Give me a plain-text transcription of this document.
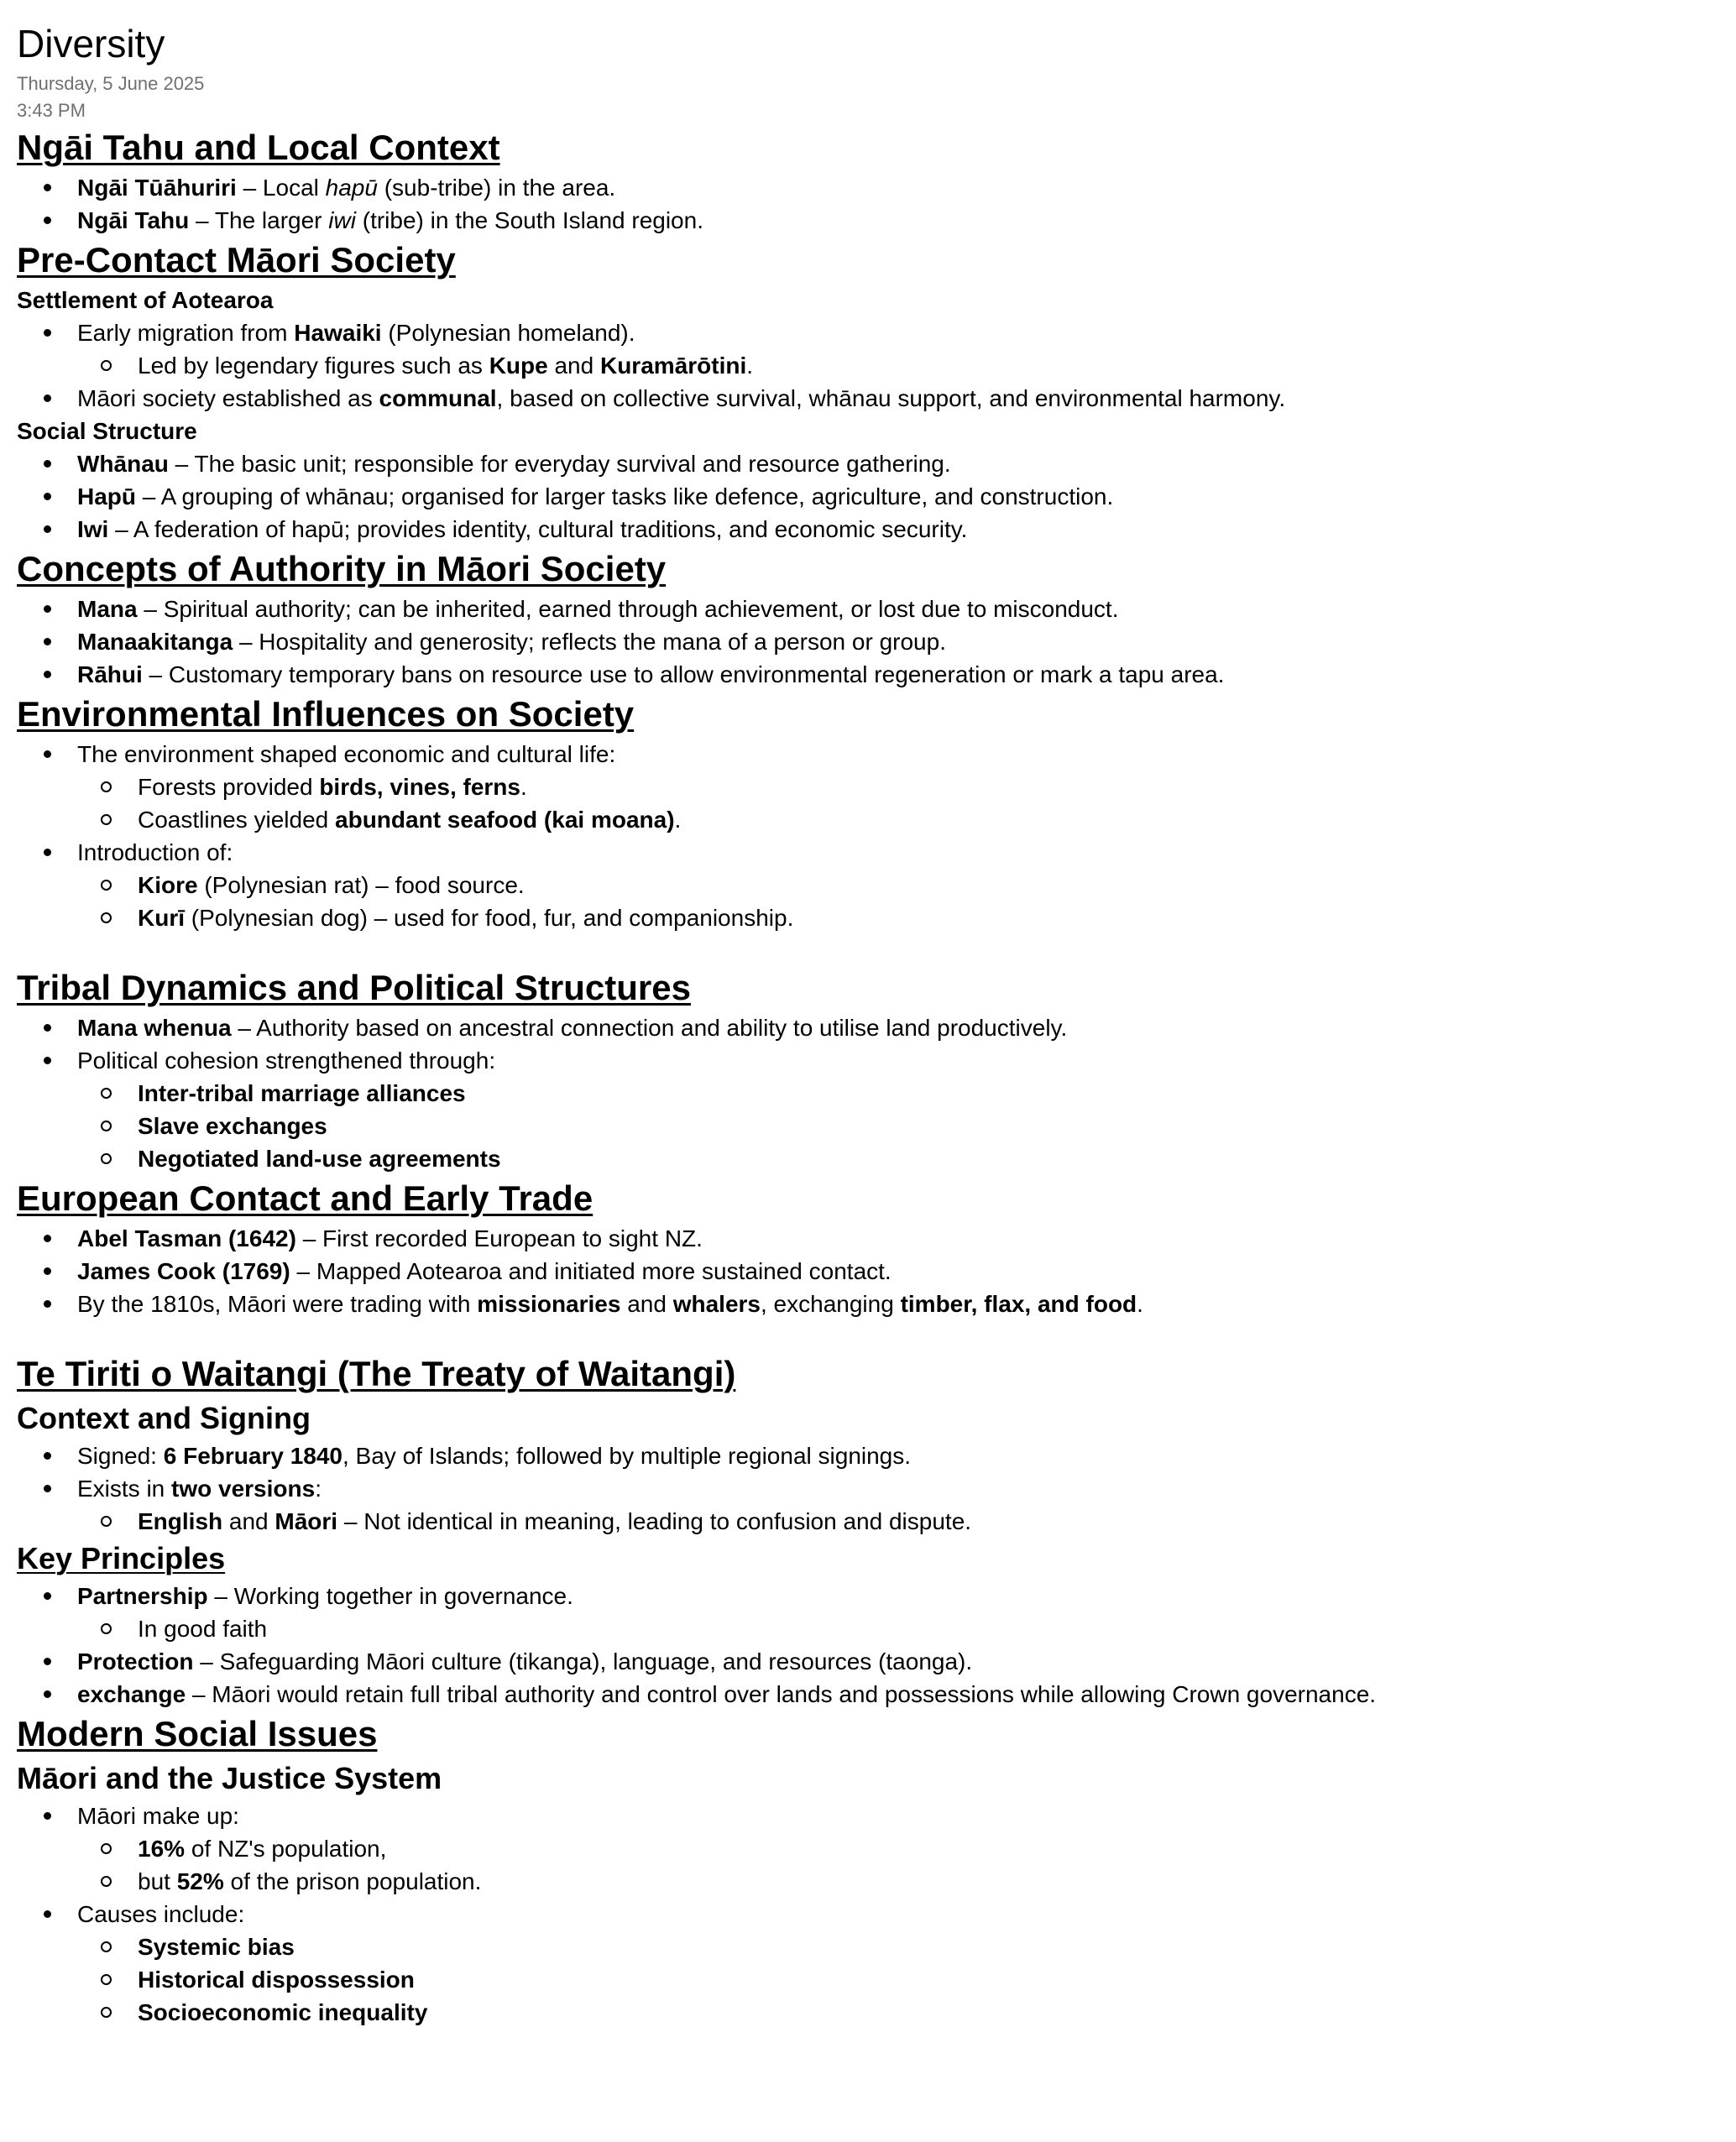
Diversity
Thursday, 5 June 2025
3:43 PM
Ngāi Tahu and Local Context
Ngāi Tūāhuriri – Local hapū (sub-tribe) in the area.
Ngāi Tahu – The larger iwi (tribe) in the South Island region.
Pre-Contact Māori Society
Settlement of Aotearoa
Early migration from Hawaiki (Polynesian homeland).
Led by legendary figures such as Kupe and Kuramārōtini.
Māori society established as communal, based on collective survival, whānau support, and environmental harmony.
Social Structure
Whānau – The basic unit; responsible for everyday survival and resource gathering.
Hapū – A grouping of whānau; organised for larger tasks like defence, agriculture, and construction.
Iwi – A federation of hapū; provides identity, cultural traditions, and economic security.
Concepts of Authority in Māori Society
Mana – Spiritual authority; can be inherited, earned through achievement, or lost due to misconduct.
Manaakitanga – Hospitality and generosity; reflects the mana of a person or group.
Rāhui – Customary temporary bans on resource use to allow environmental regeneration or mark a tapu area.
Environmental Influences on Society
The environment shaped economic and cultural life:
Forests provided birds, vines, ferns.
Coastlines yielded abundant seafood (kai moana).
Introduction of:
Kiore (Polynesian rat) – food source.
Kurī (Polynesian dog) – used for food, fur, and companionship.
Tribal Dynamics and Political Structures
Mana whenua – Authority based on ancestral connection and ability to utilise land productively.
Political cohesion strengthened through:
Inter-tribal marriage alliances
Slave exchanges
Negotiated land-use agreements
European Contact and Early Trade
Abel Tasman (1642) – First recorded European to sight NZ.
James Cook (1769) – Mapped Aotearoa and initiated more sustained contact.
By the 1810s, Māori were trading with missionaries and whalers, exchanging timber, flax, and food.
Te Tiriti o Waitangi (The Treaty of Waitangi)
Context and Signing
Signed: 6 February 1840, Bay of Islands; followed by multiple regional signings.
Exists in two versions:
English and Māori – Not identical in meaning, leading to confusion and dispute.
Key Principles
Partnership – Working together in governance.
In good faith
Protection – Safeguarding Māori culture (tikanga), language, and resources (taonga).
exchange – Māori would retain full tribal authority and control over lands and possessions while allowing Crown governance.
Modern Social Issues
Māori and the Justice System
Māori make up:
16% of NZ's population,
but 52% of the prison population.
Causes include:
Systemic bias
Historical dispossession
Socioeconomic inequality
